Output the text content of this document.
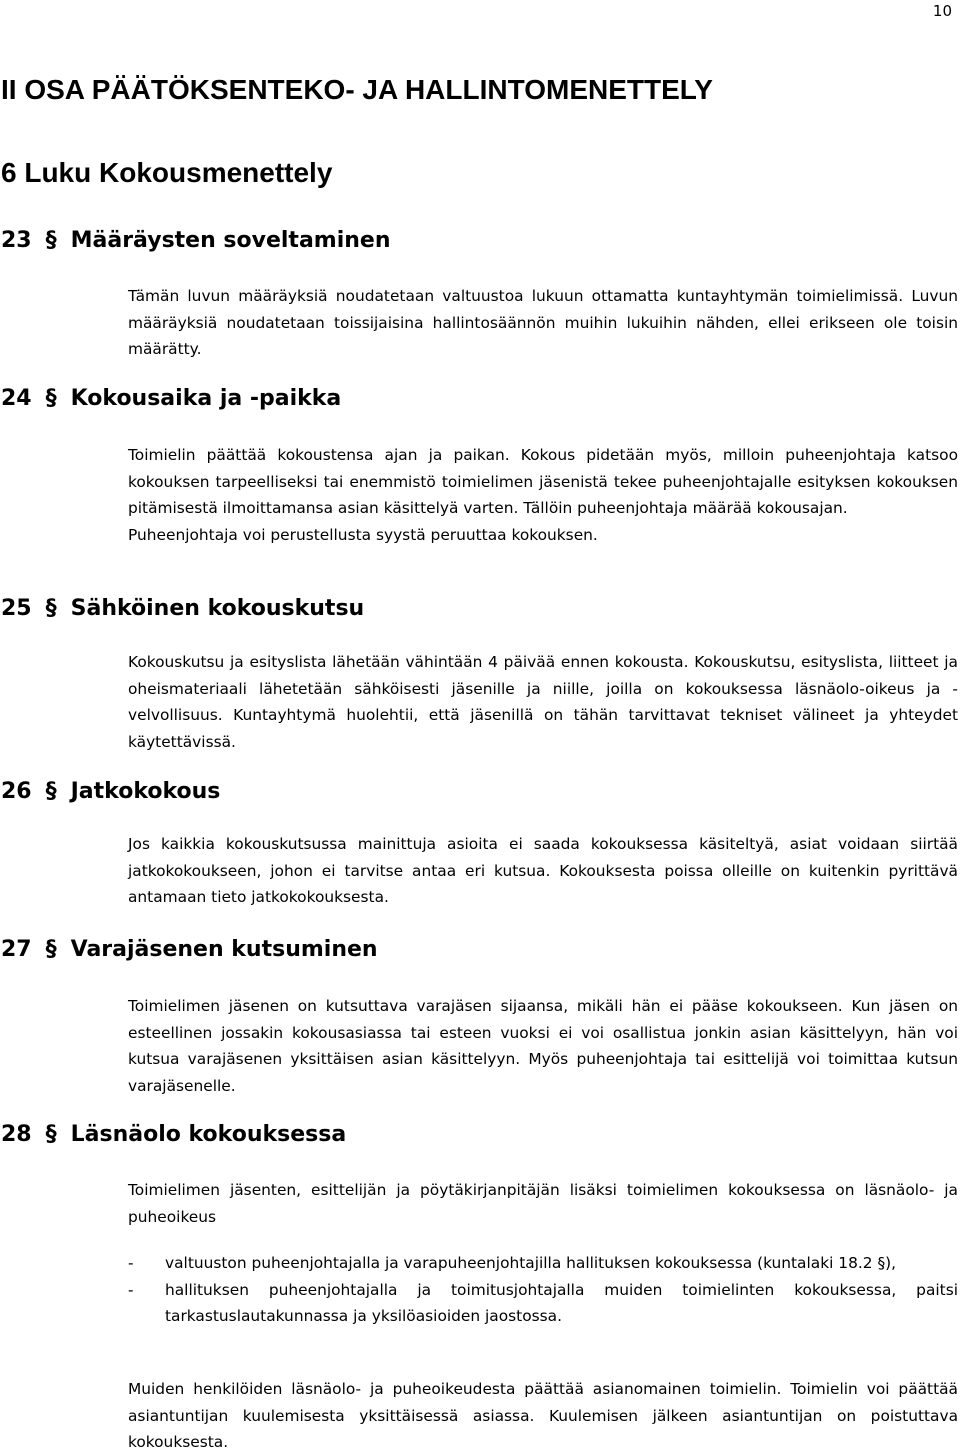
10
II OSA PÄÄTÖKSENTEKO- JA HALLINTOMENETTELY
6 Luku Kokousmenettely
23 § Määräysten soveltaminen

Tämän luvun määräyksiä noudatetaan valtuustoa lukuun ottamatta kuntayhtymän toimielimissä. Luvun määräyksiä noudatetaan toissijaisina hallintosäännön muihin lukuihin nähden, ellei erikseen ole toisin määrätty.

24 § Kokousaika ja -paikka

Toimielin päättää kokoustensa ajan ja paikan. Kokous pidetään myös, milloin puheenjohtaja katsoo kokouksen tarpeelliseksi tai enemmistö toimielimen jäsenistä tekee puheenjohtajalle esityksen kokouksen pitämisestä ilmoittamansa asian käsittelyä varten. Tällöin puheenjohtaja määrää kokousajan.

Puheenjohtaja voi perustellusta syystä peruuttaa kokouksen.

25 § Sähköinen kokouskutsu

Kokouskutsu ja esityslista lähetään vähintään 4 päivää ennen kokousta. Kokouskutsu, esityslista, liitteet ja oheismateriaali lähetetään sähköisesti jäsenille ja niille, joilla on kokouksessa läsnäolo-oikeus ja -velvollisuus. Kuntayhtymä huolehtii, että jäsenillä on tähän tarvittavat tekniset välineet ja yhteydet käytettävissä.

26 § Jatkokokous

Jos kaikkia kokouskutsussa mainittuja asioita ei saada kokouksessa käsiteltyä, asiat voidaan siirtää jatkokokoukseen, johon ei tarvitse antaa eri kutsua. Kokouksesta poissa olleille on kuitenkin pyrittävä antamaan tieto jatkokokouksesta.

27 § Varajäsenen kutsuminen

Toimielimen jäsenen on kutsuttava varajäsen sijaansa, mikäli hän ei pääse kokoukseen. Kun jäsen on esteellinen jossakin kokousasiassa tai esteen vuoksi ei voi osallistua jonkin asian käsittelyyn, hän voi kutsua varajäsenen yksittäisen asian käsittelyyn. Myös puheenjohtaja tai esittelijä voi toimittaa kutsun varajäsenelle.

28 § Läsnäolo kokouksessa

Toimielimen jäsenten, esittelijän ja pöytäkirjanpitäjän lisäksi toimielimen kokouksessa on läsnäolo- ja puheoikeus

- valtuuston puheenjohtajalla ja varapuheenjohtajilla hallituksen kokouksessa (kuntalaki 18.2 §),
- hallituksen puheenjohtajalla ja toimitusjohtajalla muiden toimielinten kokouksessa, paitsi tarkastuslautakunnassa ja yksilöasioiden jaostossa.

Muiden henkilöiden läsnäolo- ja puheoikeudesta päättää asianomainen toimielin. Toimielin voi päättää asiantuntijan kuulemisesta yksittäisessä asiassa. Kuulemisen jälkeen asiantuntijan on poistuttava kokouksesta.
